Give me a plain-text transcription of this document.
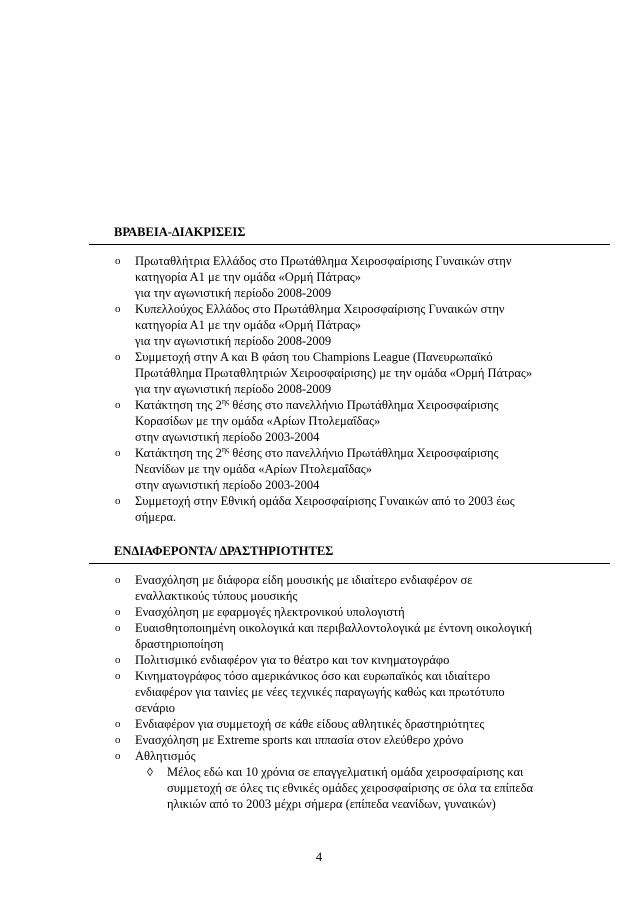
ΒΡΑΒΕΙΑ-ΔΙΑΚΡΙΣΕΙΣ
o	Πρωταθλήτρια Ελλάδος στο Πρωτάθλημα Χειροσφαίρισης Γυναικών στην
κατηγορία Α1 με την ομάδα «Ορμή Πάτρας»
για την αγωνιστική περίοδο 2008-2009
o	Κυπελλούχος Ελλάδος στο Πρωτάθλημα Χειροσφαίρισης Γυναικών στην
κατηγορία Α1 με την ομάδα «Ορμή Πάτρας»
για την αγωνιστική περίοδο 2008-2009
o	Συμμετοχή στην Α και Β φάση του Champions League (Πανευρωπαϊκό
Πρωτάθλημα Πρωταθλητριών Χειροσφαίρισης) με την ομάδα «Ορμή Πάτρας»
για την αγωνιστική περίοδο 2008-2009
o	Κατάκτηση της $2^{\eta\varsigma}$ θέσης στο πανελλήνιο Πρωτάθλημα Χειροσφαίρισης
Κορασίδων με την ομάδα «Αρίων Πτολεμαΐδας»
στην αγωνιστική περίοδο 2003-2004
o	Κατάκτηση της $2^{\eta\varsigma}$ θέσης στο πανελλήνιο Πρωτάθλημα Χειροσφαίρισης
Νεανίδων με την ομάδα «Αρίων Πτολεμαΐδας»
στην αγωνιστική περίοδο 2003-2004
o	Συμμετοχή στην Εθνική ομάδα Χειροσφαίρισης Γυναικών από το 2003 έως
σήμερα.
ΕΝΔΙΑΦΕΡΟΝΤΑ/ ΔΡΑΣΤΗΡΙΟΤΗΤΕΣ
o	Ενασχόληση με διάφορα είδη μουσικής με ιδιαίτερο ενδιαφέρον σε
εναλλακτικούς τύπους μουσικής
o	Ενασχόληση με εφαρμογές ηλεκτρονικού υπολογιστή
o	Ευαισθητοποιημένη οικολογικά και περιβαλλοντολογικά με έντονη οικολογική
δραστηριοποίηση
o	Πολιτισμικό ενδιαφέρον για το θέατρο και τον κινηματογράφο
o	Κινηματογράφος τόσο αμερικάνικος όσο και ευρωπαϊκός και ιδιαίτερο
ενδιαφέρον για ταινίες με νέες τεχνικές παραγωγής καθώς και πρωτότυπο
σενάριο
o	Ενδιαφέρον για συμμετοχή σε κάθε είδους αθλητικές δραστηριότητες
o	Ενασχόληση με Extreme sports και ιππασία στον ελεύθερο χρόνο
o	Αθλητισμός
◊	Μέλος εδώ και 10 χρόνια σε επαγγελματική ομάδα χειροσφαίρισης και
συμμετοχή σε όλες τις εθνικές ομάδες χειροσφαίρισης σε όλα τα επίπεδα
ηλικιών από το 2003 μέχρι σήμερα (επίπεδα νεανίδων, γυναικών)
4
